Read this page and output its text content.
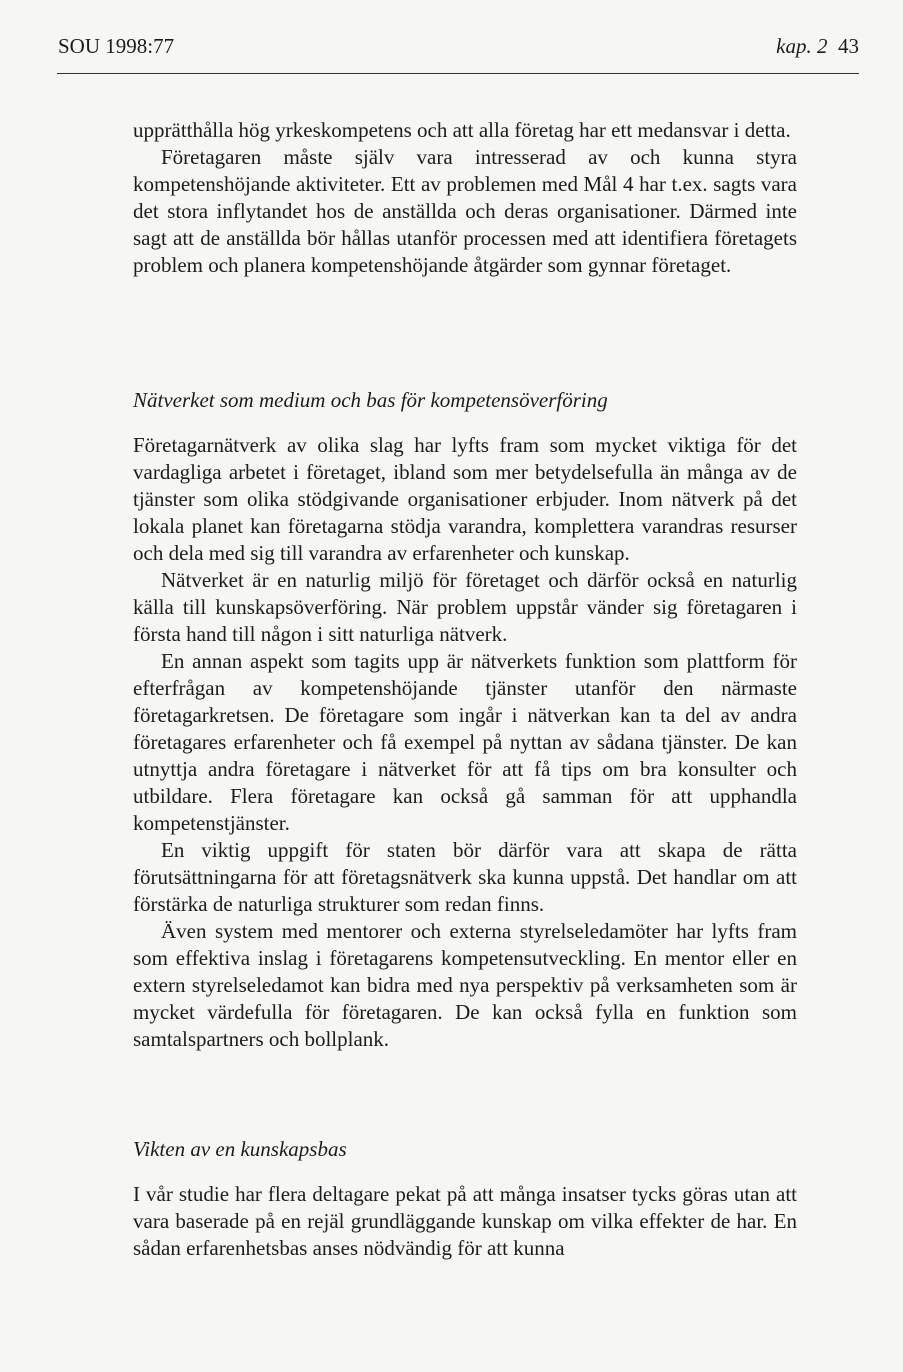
SOU 1998:77	kap. 2 43

upprätthålla hög yrkeskompetens och att alla företag har ett medansvar i detta.

Företagaren måste själv vara intresserad av och kunna styra kompetenshöjande aktiviteter. Ett av problemen med Mål 4 har t.ex. sagts vara det stora inflytandet hos de anställda och deras organisationer. Därmed inte sagt att de anställda bör hållas utanför processen med att identifiera företagets problem och planera kompetenshöjande åtgärder som gynnar företaget.

Nätverket som medium och bas för kompetensöverföring

Företagarnätverk av olika slag har lyfts fram som mycket viktiga för det vardagliga arbetet i företaget, ibland som mer betydelsefulla än många av de tjänster som olika stödgivande organisationer erbjuder. Inom nätverk på det lokala planet kan företagarna stödja varandra, komplettera varandras resurser och dela med sig till varandra av erfarenheter och kunskap.

Nätverket är en naturlig miljö för företaget och därför också en naturlig källa till kunskapsöverföring. När problem uppstår vänder sig företagaren i första hand till någon i sitt naturliga nätverk.

En annan aspekt som tagits upp är nätverkets funktion som plattform för efterfrågan av kompetenshöjande tjänster utanför den närmaste företagarkretsen. De företagare som ingår i nätverkan kan ta del av andra företagares erfarenheter och få exempel på nyttan av sådana tjänster. De kan utnyttja andra företagare i nätverket för att få tips om bra konsulter och utbildare. Flera företagare kan också gå samman för att upphandla kompetenstjänster.

En viktig uppgift för staten bör därför vara att skapa de rätta förutsättningarna för att företagsnätverk ska kunna uppstå. Det handlar om att förstärka de naturliga strukturer som redan finns.

Även system med mentorer och externa styrelseledamöter har lyfts fram som effektiva inslag i företagarens kompetensutveckling. En mentor eller en extern styrelseledamot kan bidra med nya perspektiv på verksamheten som är mycket värdefulla för företagaren. De kan också fylla en funktion som samtalspartners och bollplank.

Vikten av en kunskapsbas

I vår studie har flera deltagare pekat på att många insatser tycks göras utan att vara baserade på en rejäl grundläggande kunskap om vilka effekter de har. En sådan erfarenhetsbas anses nödvändig för att kunna
